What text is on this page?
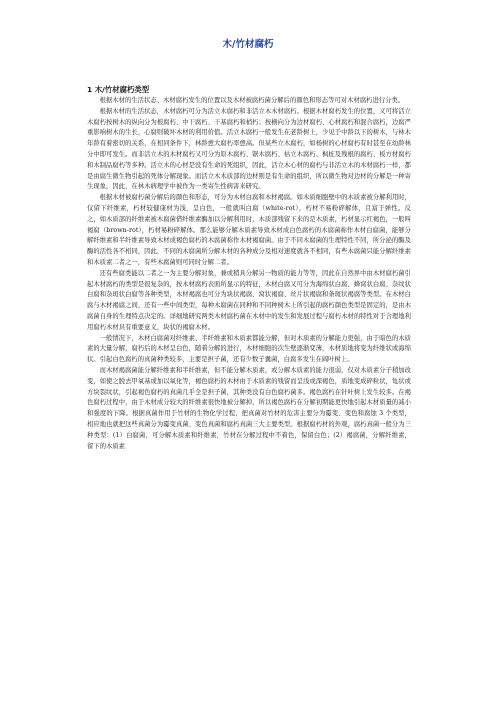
木/竹材腐朽
1 木/竹材腐朽类型

根据木材的生活状态、木材腐朽发生的位置以及木材被腐朽菌分解后的颜色和形态等可对木材腐朽进行分类。

根据木材的生活状态，木材腐朽可分为活立木腐朽和非活立木木材腐朽。根据木材腐朽发生的位置，又可将活立木腐朽按树木的纵向分为根腐朽、中干腐朽、干基腐朽和梢朽；按横向分为边材腐朽、心材腐朽和混合腐朽，边腐严重影响树木的生长，心腐则破坏木材的利用价值。活立木腐朽一般发生在老龄树上，少见于中龄以下的树木，与林木年龄有着密切的关系，在相同条件下，林龄愈大腐朽率愈高。但某些立木腐朽，如杨树的心材腐朽有时甚至在幼龄林分中即可发生。而非活立木的木材腐朽又可分为原木腐朽、锯木腐朽、枯立木腐朽、枫桩及残根的腐朽、板方材腐朽和木制品腐朽等多种。活立木的心材是没有生命的死组织，因此，活立木心材的腐朽与非活立木的木材腐朽一样，都是由腐生微生物引起的死体分解现象。而活立木木质部的边材则是有生命的组织，所以微生物对边材的分解是一种寄生现象，因此，在林木病理学中被作为一类寄生性病害来研究。

根据木材被腐朽菌分解后的颜色和形态，可分为木材白腐和木材褐腐。如木质细胞壁中的木质素被分解利用时，仅留下纤维素，朽材较健康材为浅，呈白色，一般就叫白腐（white-rot），朽材不易粉碎解体，且富于弹性。反之，如木质部的纤维素被木腐菌借纤维素酶加以分解利用时，木质部残留下来的是木质素，朽材显示红褐色，一般叫褐腐（brown-rot），朽材易粉碎解体。那么能够分解木质素导致木材成白色腐朽的木腐菌称作木材白腐菌，能够分解纤维素和半纤维素导致木材成褐色腐朽的木腐菌称作木材褐腐菌。由于不同木腐菌的生理特性不同，所分泌的酶及酶的活性各不相同，因此，不同的木腐菌所分解木材的各种成分及相对速度就各不相同，有些木腐菌只能分解纤维素和木质素二者之一，有些木腐菌则可同时分解二者。

还有些腐类能以二者之一为主要分解对象，兼或稍具分解另一物质的能力等等，因此在自然界中由木材腐朽菌引起木材腐朽的类型是很复杂的，按木材腐朽表面所显示的特征，木材白腐又可分为海绵状白腐、蜂窝状白腐、杂纹状白腐和杂斑状白腐等各种类型，木材褐腐也可分为块状褐腐、窝状褐腐、丝片状褐腐和条斑状褐腐等类型。在木材白腐与木材褐腐之间，还有一些中间类型，每种木腐菌在同种和不同种树木上所引起的腐朽颜色类型是固定的，是由木腐菌自身的生理特点决定的。详细地研究两类木材腐朽菌在木材中的发生和发展过程与腐朽木材的特性对于合理地利用腐朽木材具有重要意义，块状的褐腐木材。

一般情况下，木材白腐菌对纤维素、半纤维素和木质素都能分解，但对木质素的分解能力更强，由于暗色的木质素的大量分解，腐朽后的木材呈白色，随着分解的进行，木材细胞的次生壁逐渐变薄，木材质地将变为纤维状或海绵状。引起白色腐朽的真菌种类较多，主要是担子菌，还有少数子囊菌，白腐多发生在阔叶树上。

而木材褐腐菌能分解纤维素和半纤维素，但不能分解木质素，或分解木质素的能力很弱，仅对木质素分子稍加改变，如使之脱去甲氧基或加以氧化等，褐色腐朽的木材由于木质素的残留而呈浅或深褐色，质地变成碎粒状，龟状或方块裂纹状，引起褐色腐朽的真菌几乎全是担子菌，其种类没有白色腐朽菌多。褐色腐朽在针叶树上发生较多。在褐色腐朽过程中，由于木材成分较大的纤维素很快地被分解掉，所以褐色腐朽在分解初期能更快地引起木材质量的减小和强度的下降。根据真菌作用于竹材的生物化学过程，把真菌对竹材的危害主要分为霉变、变色和腐蚀 3 个类型，相应地也就把这些真菌分为霉变真菌、变色真菌和腐朽真菌三大主要类型。根据腐朽材的外观，腐朽真菌一般分为三种类型：(1）白腐菌，可分解木质素和纤维素，竹材在分解过程中不着色，保留白色；(2）褐腐菌，分解纤维素，留下的木质素
